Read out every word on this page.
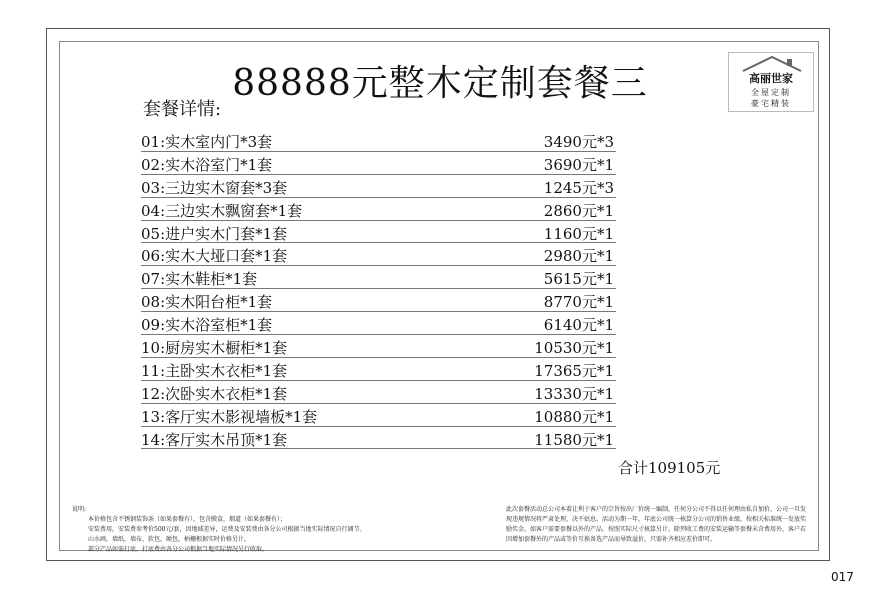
88888元整木定制套餐三
套餐详情:
高丽世家
全屋定制
豪宅精装
01:实木室内门*3套	3490元*3
02:实木浴室门*1套	3690元*1
03:三边实木窗套*3套	1245元*3
04:三边实木飘窗套*1套	2860元*1
05:进户实木门套*1套	1160元*1
06:实木大垭口套*1套	2980元*1
07:实木鞋柜*1套	5615元*1
08:实木阳台柜*1套	8770元*1
09:实木浴室柜*1套	6140元*1
10:厨房实木橱柜*1套	10530元*1
11:主卧实木衣柜*1套	17365元*1
12:次卧实木衣柜*1套	13330元*1
13:客厅实木影视墙板*1套	10880元*1
14:客厅实木吊顶*1套	11580元*1
合计109105元
说明:
本价格包含不锈钢装饰条（如果套餐有），包含膜盒，烟道（如果套餐有）；
安装费用，安装费参考价500元/套，因地域差异，运费及安装费由各分公司根据当地实际情况自行调节。
山水画，墙纸，墙布，软包，硬包，柄栅根据实时价格另计。
部分产品如需打底，打底费由各分公司根据当地实际情况另行收取。
此次套餐活动总公司本着让利于客户的宗旨按出厂价统一编制，任何分公司不得以任何理由私自加价，公司一旦发现违规情况将严肃处理，决不姑息。活动为期一年，年底公司统一核算分公司的销售业绩，按相关标准统一发放奖励奖金。如客户需要套餐以外的产品，按照实际尺寸核算另计。除列收工费的安装运输等套餐未含费用外，客户若因增加套餐外的产品或等价互换备选产品而导致溢价，只需补齐相应差价即可。
017
